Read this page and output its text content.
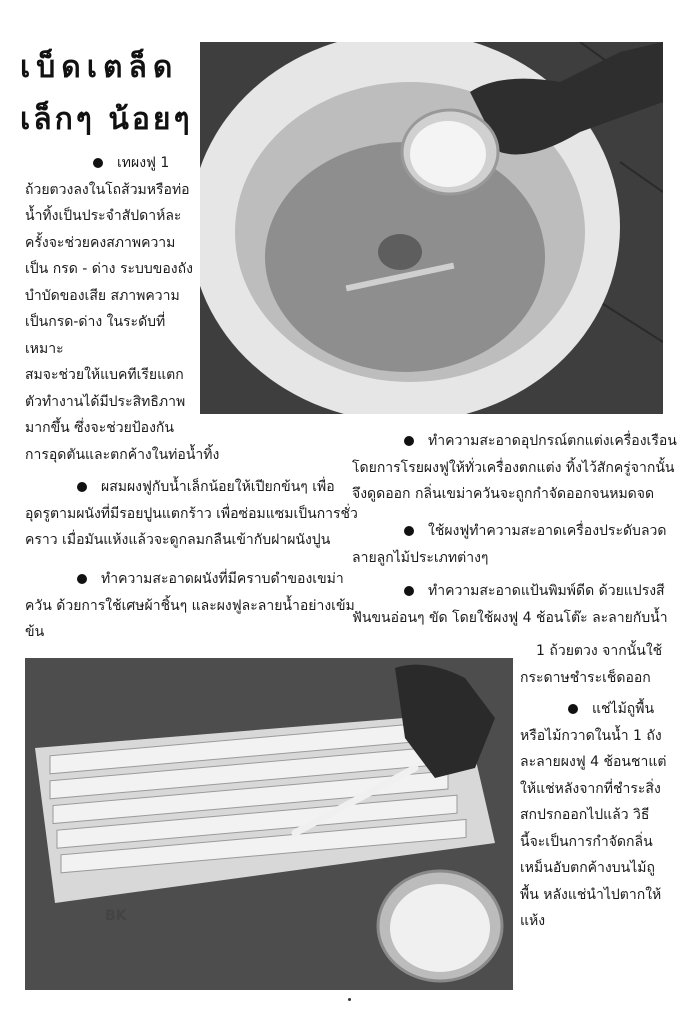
เบ็ดเตล็ด
เล็กๆ น้อยๆ
BK

เทผงฟู 1

ถ้วยตวงลงในโถส้วมหรือท่อ

น้ำทิ้งเป็นประจำสัปดาห์ละ

ครั้งจะช่วยคงสภาพความ

เป็น กรด - ด่าง ระบบของถัง

บำบัดของเสีย สภาพความ

เป็นกรด-ด่าง ในระดับที่เหมาะ

สมจะช่วยให้แบคทีเรียแตก

ตัวทำงานได้มีประสิทธิภาพ

มากขึ้น ซึ่งจะช่วยป้องกัน

การอุดตันและตกค้างในท่อน้ำทิ้ง

ผสมผงฟูกับน้ำเล็กน้อยให้เปียกข้นๆ เพื่อ

อุดรูตามผนังที่มีรอยปูนแตกร้าว เพื่อซ่อมแซมเป็นการชั่ว

คราว เมื่อมันแห้งแล้วจะดูกลมกลืนเข้ากับฝาผนังปูน

ทำความสะอาดผนังที่มีคราบดำของเขม่า

ควัน ด้วยการใช้เศษผ้าชิ้นๆ และผงฟูละลายน้ำอย่างเข้ม

ข้น

ทำความสะอาดอุปกรณ์ตกแต่งเครื่องเรือน

โดยการโรยผงฟูให้ทั่วเครื่องตกแต่ง ทิ้งไว้สักครู่จากนั้น

จึงดูดออก กลิ่นเขม่าควันจะถูกกำจัดออกจนหมดจด

ใช้ผงฟูทำความสะอาดเครื่องประดับลวด

ลายลูกไม้ประเภทต่างๆ

ทำความสะอาดแป้นพิมพ์ดีด ด้วยแปรงสี

ฟันขนอ่อนๆ ขัด โดยใช้ผงฟู 4 ช้อนโต๊ะ ละลายกับน้ำ

1 ถ้วยตวง จากนั้นใช้

กระดาษชำระเช็ดออก

แช่ไม้ถูพื้น

หรือไม้กวาดในน้ำ 1 ถัง

ละลายผงฟู 4 ช้อนชาแต่

ให้แช่หลังจากที่ชำระสิ่ง

สกปรกออกไปแล้ว วิธี

นี้จะเป็นการกำจัดกลิ่น

เหม็นอับตกค้างบนไม้ถู

พื้น หลังแช่นำไปตากให้

แห้ง
